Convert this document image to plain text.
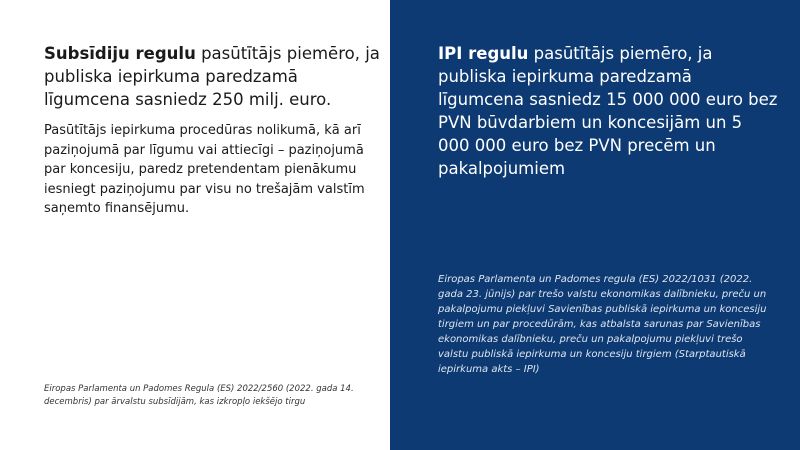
Subsīdiju regulu pasūtītājs piemēro, ja publiska iepirkuma paredzamā līgumcena sasniedz 250 milj. euro.

Pasūtītājs iepirkuma procedūras nolikumā, kā arī paziņojumā par līgumu vai attiecīgi – paziņojumā par koncesiju, paredz pretendentam pienākumu iesniegt paziņojumu par visu no trešajām valstīm saņemto finansējumu.

Eiropas Parlamenta un Padomes Regula (ES) 2022/2560 (2022. gada 14. decembris) par ārvalstu subsīdijām, kas izkropļo iekšējo tirgu

IPI regulu pasūtītājs piemēro, ja publiska iepirkuma paredzamā līgumcena sasniedz 15 000 000 euro bez PVN būvdarbiem un koncesijām un 5 000 000 euro bez PVN precēm un pakalpojumiem

Eiropas Parlamenta un Padomes regula (ES) 2022/1031 (2022. gada 23. jūnijs) par trešo valstu ekonomikas dalībnieku, preču un pakalpojumu piekļuvi Savienības publiskā iepirkuma un koncesiju tirgiem un par procedūrām, kas atbalsta sarunas par Savienības ekonomikas dalībnieku, preču un pakalpojumu piekļuvi trešo valstu publiskā iepirkuma un koncesiju tirgiem (Starptautiskā iepirkuma akts – IPI)
